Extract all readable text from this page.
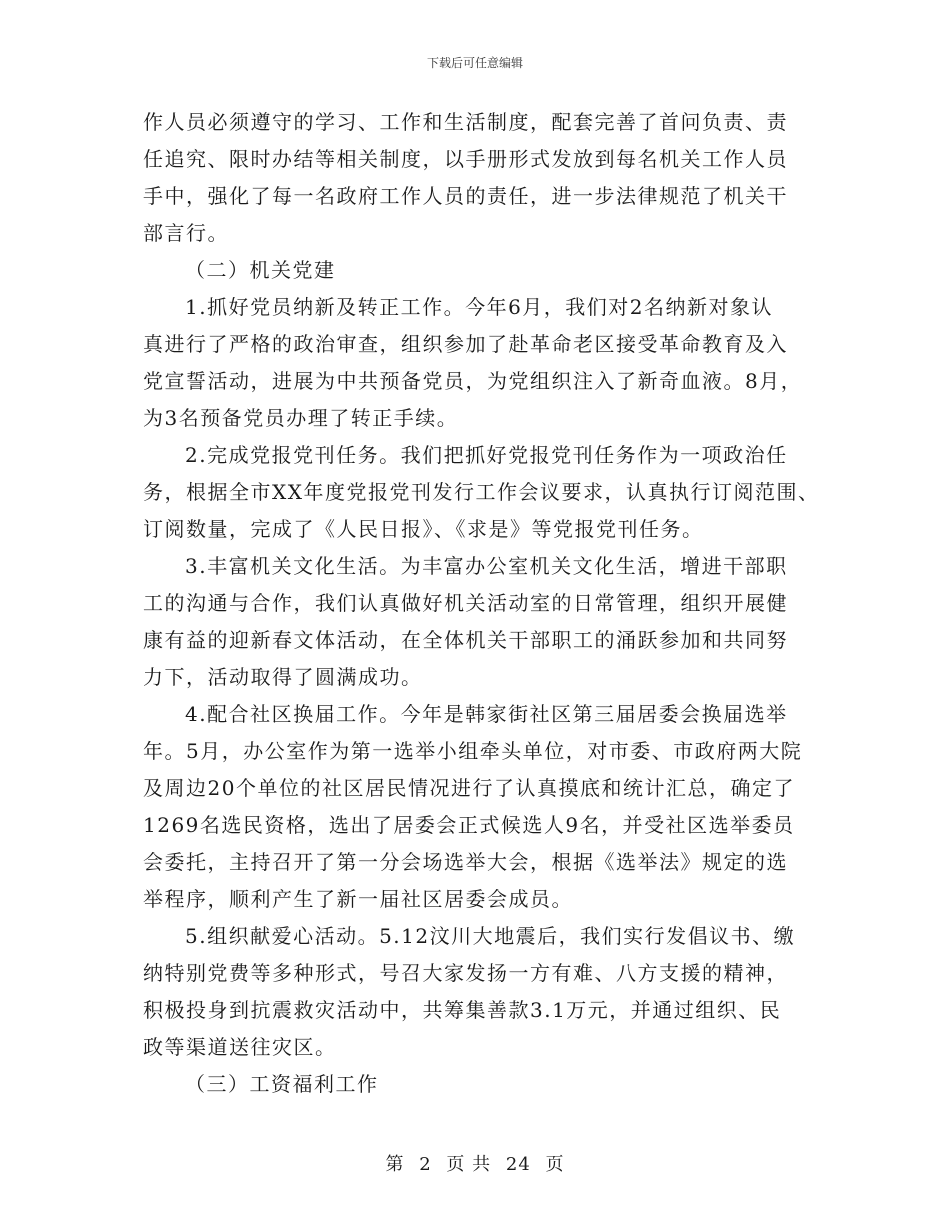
下载后可任意编辑
作人员必须遵守的学习、工作和生活制度，配套完善了首问负责、责
任追究、限时办结等相关制度，以手册形式发放到每名机关工作人员
手中，强化了每一名政府工作人员的责任，进一步法律规范了机关干
部言行。
（二）机关党建
1.抓好党员纳新及转正工作。今年6月，我们对2名纳新对象认
真进行了严格的政治审查，组织参加了赴革命老区接受革命教育及入
党宣誓活动，进展为中共预备党员，为党组织注入了新奇血液。8月，
为3名预备党员办理了转正手续。
2.完成党报党刊任务。我们把抓好党报党刊任务作为一项政治任
务，根据全市XX年度党报党刊发行工作会议要求，认真执行订阅范围、
订阅数量，完成了《人民日报》、《求是》等党报党刊任务。
3.丰富机关文化生活。为丰富办公室机关文化生活，增进干部职
工的沟通与合作，我们认真做好机关活动室的日常管理，组织开展健
康有益的迎新春文体活动，在全体机关干部职工的涌跃参加和共同努
力下，活动取得了圆满成功。
4.配合社区换届工作。今年是韩家街社区第三届居委会换届选举
年。5月，办公室作为第一选举小组牵头单位，对市委、市政府两大院
及周边20个单位的社区居民情况进行了认真摸底和统计汇总，确定了
1269名选民资格，选出了居委会正式候选人9名，并受社区选举委员
会委托，主持召开了第一分会场选举大会，根据《选举法》规定的选
举程序，顺利产生了新一届社区居委会成员。
5.组织献爱心活动。5.12汶川大地震后，我们实行发倡议书、缴
纳特别党费等多种形式，号召大家发扬一方有难、八方支援的精神，
积极投身到抗震救灾活动中，共筹集善款3.1万元，并通过组织、民
政等渠道送往灾区。
（三）工资福利工作
第 2 页 共 24 页
